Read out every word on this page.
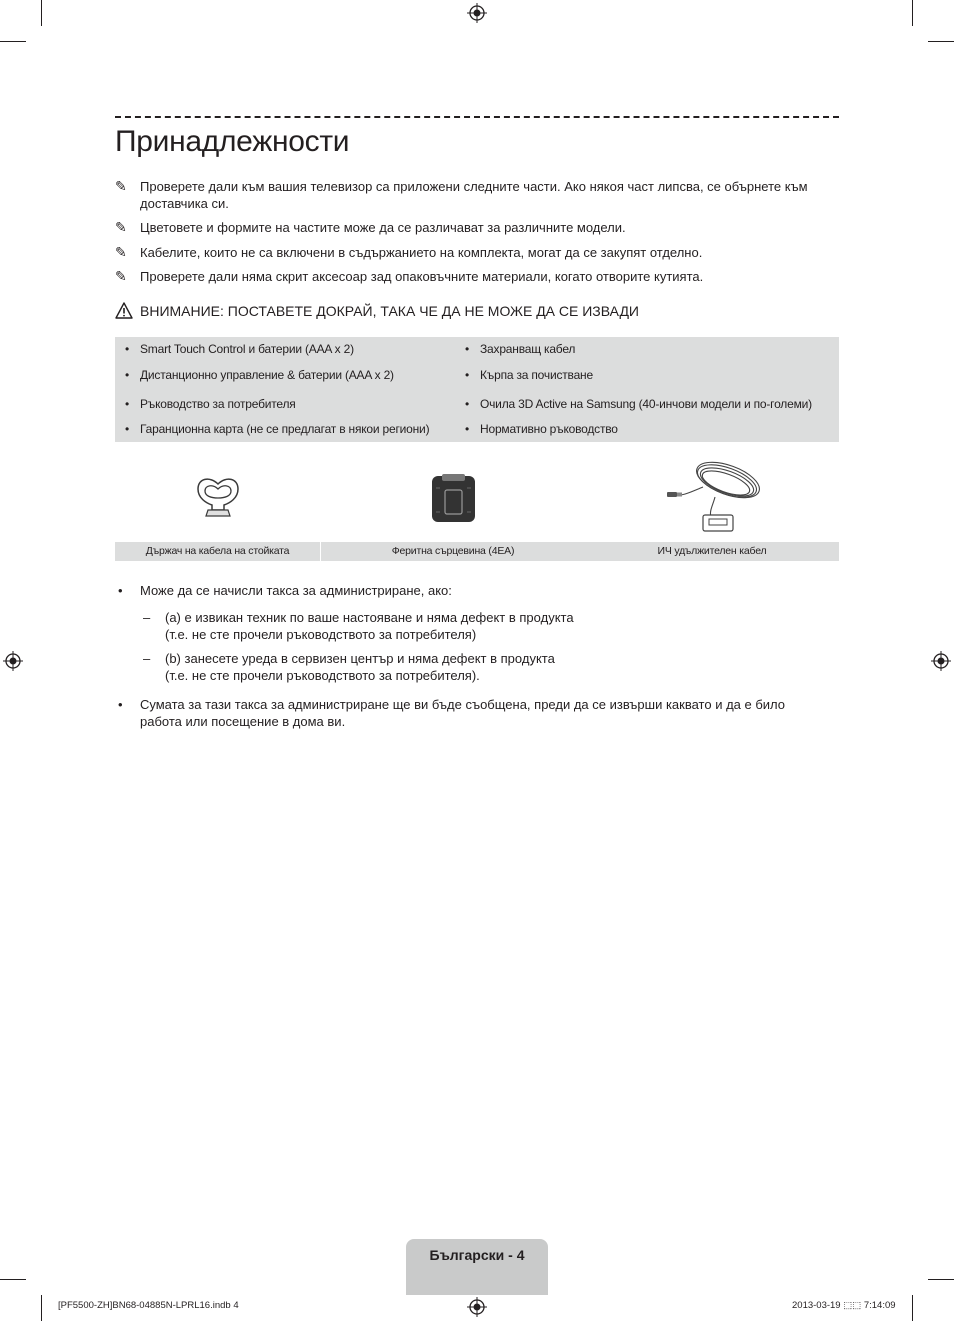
Принадлежности
✎	Проверете дали към вашия телевизор са приложени следните части. Ако някоя част липсва, се обърнете към доставчика си.
✎	Цветовете и формите на частите може да се различават за различните модели.
✎	Кабелите, които не са включени в съдържанието на комплекта, могат да се закупят отделно.
✎	Проверете дали няма скрит аксесоар зад опаковъчните материали, когато отворите кутията.
ВНИМАНИЕ: ПОСТАВЕТЕ ДОКРАЙ, ТАКА ЧЕ ДА НЕ МОЖЕ ДА СЕ ИЗВАДИ
• Smart Touch Control и батерии (AAA x 2)
• Дистанционно управление & батерии (AAA x 2)
• Ръководство за потребителя
• Гаранционна карта (не се предлагат в някои региони)
• Захранващ кабел
• Кърпа за почистване
• Очила 3D Active на Samsung (40-инчови модели и по-големи)
• Нормативно ръководство
Държач на кабела на стойката	Феритна сърцевина (4EA)	ИЧ удължителен кабел
• Може да се начисли такса за администриране, ако:
– (a) е извикан техник по ваше настояване и няма дефект в продукта
(т.е. не сте прочели ръководството за потребителя)
– (b) занесете уреда в сервизен център и няма дефект в продукта
(т.е. не сте прочели ръководството за потребителя).
• Сумата за тази такса за администриране ще ви бъде съобщена, преди да се извърши каквато и да е било
работа или посещение в дома ви.
Български - 4
[PF5500-ZH]BN68-04885N-LPRL16.indb 4	2013-03-19 ⬚⬚ 7:14:09
